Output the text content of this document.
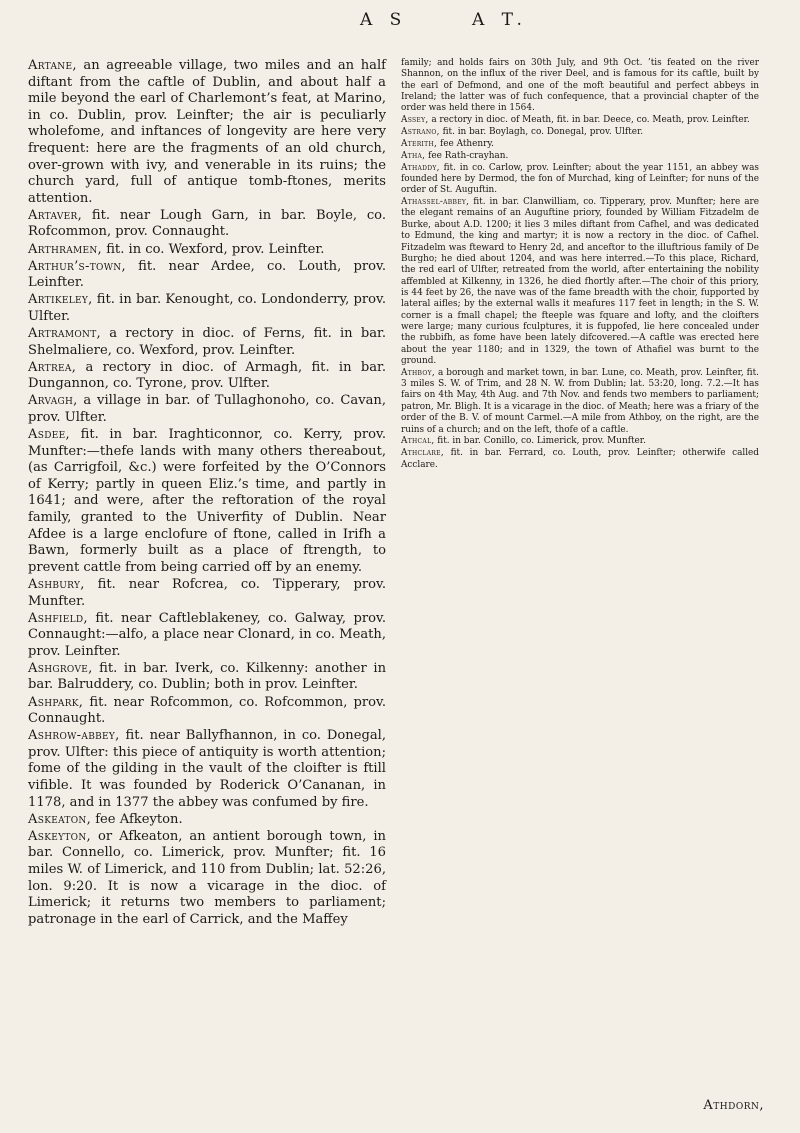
A S	A T.

Artane, an agreeable village, two miles and an half diftant from the caftle of Dublin, and about half a mile beyond the earl of Charlemont’s feat, at Marino, in co. Dublin, prov. Leinfter; the air is peculiarly wholefome, and inftances of longevity are here very frequent: here are the fragments of an old church, over-grown with ivy, and venerable in its ruins; the church yard, full of antique tomb-ftones, merits attention.

Artaver, fit. near Lough Garn, in bar. Boyle, co. Rofcommon, prov. Connaught.

Arthramen, fit. in co. Wexford, prov. Leinfter.

Arthur’s-town, fit. near Ardee, co. Louth, prov. Leinfter.

Artikeley, fit. in bar. Kenought, co. Londonderry, prov. Ulfter.

Artramont, a rectory in dioc. of Ferns, fit. in bar. Shelmaliere, co. Wexford, prov. Leinfter.

Artrea, a rectory in dioc. of Armagh, fit. in bar. Dungannon, co. Tyrone, prov. Ulfter.

Arvagh, a village in bar. of Tullaghonoho, co. Cavan, prov. Ulfter.

Asdee, fit. in bar. Iraghticonnor, co. Kerry, prov. Munfter:—thefe lands with many others thereabout, (as Carrigfoil, &c.) were forfeited by the O’Connors of Kerry; partly in queen Eliz.’s time, and partly in 1641; and were, after the reftoration of the royal family, granted to the Univerfity of Dublin. Near Afdee is a large enclofure of ftone, called in Irifh a Bawn, formerly built as a place of ftrength, to prevent cattle from being carried off by an enemy.

Ashbury, fit. near Rofcrea, co. Tipperary, prov. Munfter.

Ashfield, fit. near Caftleblakeney, co. Galway, prov. Connaught:—alfo, a place near Clonard, in co. Meath, prov. Leinfter.

Ashgrove, fit. in bar. Iverk, co. Kilkenny: another in bar. Balruddery, co. Dublin; both in prov. Leinfter.

Ashpark, fit. near Rofcommon, co. Rofcommon, prov. Connaught.

Ashrow-abbey, fit. near Ballyfhannon, in co. Donegal, prov. Ulfter: this piece of antiquity is worth attention; fome of the gilding in the vault of the cloifter is ftill vifible. It was founded by Roderick O’Cananan, in 1178, and in 1377 the abbey was confumed by fire.

Askeaton, fee Afkeyton.

Askeyton, or Afkeaton, an antient borough town, in bar. Connello, co. Limerick, prov. Munfter; fit. 16 miles W. of Limerick, and 110 from Dublin; lat. 52:26, lon. 9:20. It is now a vicarage in the dioc. of Limerick; it returns two members to parliament; patronage in the earl of Carrick, and the Maffey

family; and holds fairs on 30th July, and 9th Oct. ’tis feated on the river Shannon, on the influx of the river Deel, and is famous for its caftle, built by the earl of Defmond, and one of the moft beautiful and perfect abbeys in Ireland; the latter was of fuch confequence, that a provincial chapter of the order was held there in 1564.

Assey, a rectory in dioc. of Meath, fit. in bar. Deece, co. Meath, prov. Leinfter.

Astrano, fit. in bar. Boylagh, co. Donegal, prov. Ulfter.

Aterith, fee Athenry.

Atha, fee Rath-crayhan.

Athaddy, fit. in co. Carlow, prov. Leinfter; about the year 1151, an abbey was founded here by Dermod, the fon of Murchad, king of Leinfter; for nuns of the order of St. Auguftin.

Athassel-abbey, fit. in bar. Clanwilliam, co. Tipperary, prov. Munfter; here are the elegant remains of an Auguftine priory, founded by William Fitzadelm de Burke, about A.D. 1200; it lies 3 miles diftant from Cafhel, and was dedicated to Edmund, the king and martyr; it is now a rectory in the dioc. of Cafhel. Fitzadelm was fteward to Henry 2d, and anceftor to the illuftrious family of De Burgho; he died about 1204, and was here interred.—To this place, Richard, the red earl of Ulfter, retreated from the world, after entertaining the nobility affembled at Kilkenny, in 1326, he died fhortly after.—The choir of this priory, is 44 feet by 26, the nave was of the fame breadth with the choir, fupported by lateral aifles; by the external walls it meafures 117 feet in length; in the S. W. corner is a fmall chapel; the fteeple was fquare and lofty, and the cloifters were large; many curious fculptures, it is fuppofed, lie here concealed under the rubbifh, as fome have been lately difcovered.—A caftle was erected here about the year 1180; and in 1329, the town of Athafiel was burnt to the ground.

Athboy, a borough and market town, in bar. Lune, co. Meath, prov. Leinfter, fit. 3 miles S. W. of Trim, and 28 N. W. from Dublin; lat. 53:20, long. 7.2.—It has fairs on 4th May, 4th Aug. and 7th Nov. and fends two members to parliament; patron, Mr. Bligh. It is a vicarage in the dioc. of Meath; here was a friary of the order of the B. V. of mount Carmel.—A mile from Athboy, on the right, are the ruins of a church; and on the left, thofe of a caftle.

Athcal, fit. in bar. Conillo, co. Limerick, prov. Munfter.

Athclare, fit. in bar. Ferrard, co. Louth, prov. Leinfter; otherwife called Acclare.

Athdorn,
